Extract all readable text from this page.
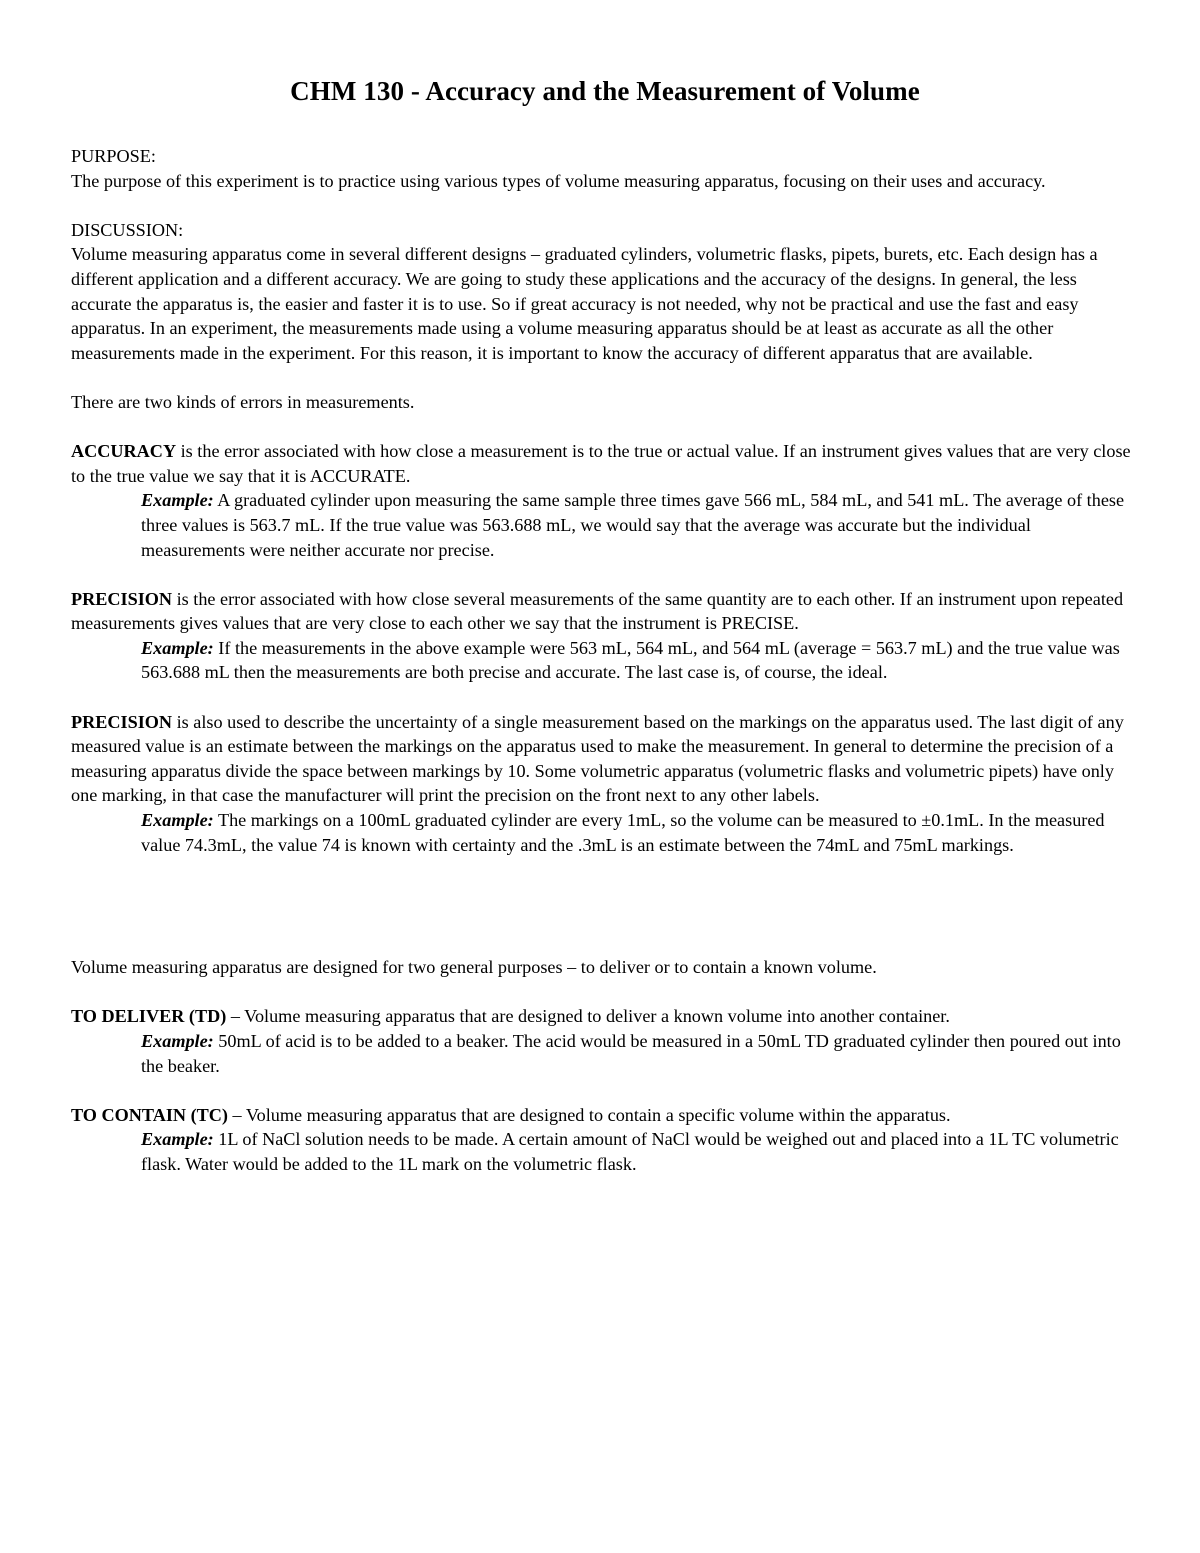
CHM 130 - Accuracy and the Measurement of Volume

PURPOSE:

The purpose of this experiment is to practice using various types of volume measuring apparatus, focusing on their uses and accuracy.

DISCUSSION:

Volume measuring apparatus come in several different designs – graduated cylinders, volumetric flasks, pipets, burets, etc. Each design has a different application and a different accuracy. We are going to study these applications and the accuracy of the designs. In general, the less accurate the apparatus is, the easier and faster it is to use. So if great accuracy is not needed, why not be practical and use the fast and easy apparatus. In an experiment, the measurements made using a volume measuring apparatus should be at least as accurate as all the other measurements made in the experiment. For this reason, it is important to know the accuracy of different apparatus that are available.

There are two kinds of errors in measurements.

ACCURACY is the error associated with how close a measurement is to the true or actual value. If an instrument gives values that are very close to the true value we say that it is ACCURATE.

Example: A graduated cylinder upon measuring the same sample three times gave 566 mL, 584 mL, and 541 mL. The average of these three values is 563.7 mL. If the true value was 563.688 mL, we would say that the average was accurate but the individual measurements were neither accurate nor precise.

PRECISION is the error associated with how close several measurements of the same quantity are to each other. If an instrument upon repeated measurements gives values that are very close to each other we say that the instrument is PRECISE.

Example: If the measurements in the above example were 563 mL, 564 mL, and 564 mL (average = 563.7 mL) and the true value was 563.688 mL then the measurements are both precise and accurate. The last case is, of course, the ideal.

PRECISION is also used to describe the uncertainty of a single measurement based on the markings on the apparatus used. The last digit of any measured value is an estimate between the markings on the apparatus used to make the measurement. In general to determine the precision of a measuring apparatus divide the space between markings by 10. Some volumetric apparatus (volumetric flasks and volumetric pipets) have only one marking, in that case the manufacturer will print the precision on the front next to any other labels.

Example: The markings on a 100mL graduated cylinder are every 1mL, so the volume can be measured to ±0.1mL. In the measured value 74.3mL, the value 74 is known with certainty and the .3mL is an estimate between the 74mL and 75mL markings.

Volume measuring apparatus are designed for two general purposes – to deliver or to contain a known volume.

TO DELIVER (TD) – Volume measuring apparatus that are designed to deliver a known volume into another container.

Example: 50mL of acid is to be added to a beaker. The acid would be measured in a 50mL TD graduated cylinder then poured out into the beaker.

TO CONTAIN (TC) – Volume measuring apparatus that are designed to contain a specific volume within the apparatus.

Example: 1L of NaCl solution needs to be made. A certain amount of NaCl would be weighed out and placed into a 1L TC volumetric flask. Water would be added to the 1L mark on the volumetric flask.
